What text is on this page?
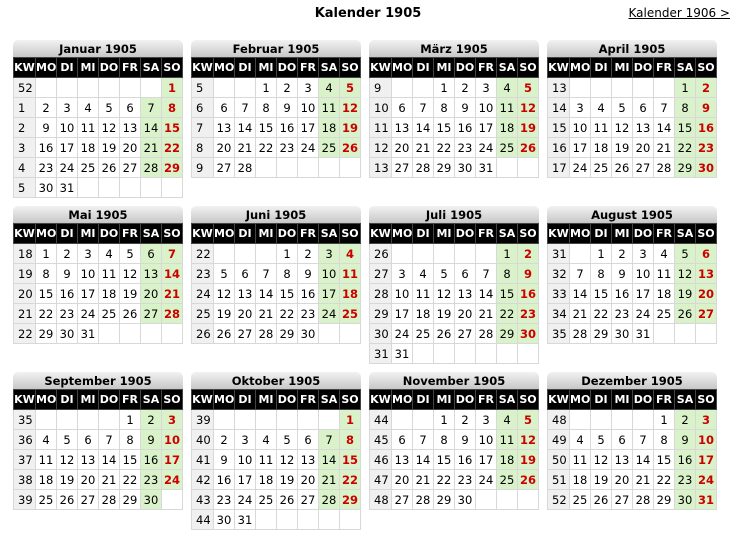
Kalender 1905	Kalender 1906 >
Januar 1905
KW	MO	DI	MI	DO	FR	SA	SO
52							1
1	2	3	4	5	6	7	8
2	9	10	11	12	13	14	15
3	16	17	18	19	20	21	22
4	23	24	25	26	27	28	29
5	30	31					
Februar 1905
KW	MO	DI	MI	DO	FR	SA	SO
5			1	2	3	4	5
6	6	7	8	9	10	11	12
7	13	14	15	16	17	18	19
8	20	21	22	23	24	25	26
9	27	28					
März 1905
KW	MO	DI	MI	DO	FR	SA	SO
9			1	2	3	4	5
10	6	7	8	9	10	11	12
11	13	14	15	16	17	18	19
12	20	21	22	23	24	25	26
13	27	28	29	30	31		
April 1905
KW	MO	DI	MI	DO	FR	SA	SO
13						1	2
14	3	4	5	6	7	8	9
15	10	11	12	13	14	15	16
16	17	18	19	20	21	22	23
17	24	25	26	27	28	29	30
Mai 1905
KW	MO	DI	MI	DO	FR	SA	SO
18	1	2	3	4	5	6	7
19	8	9	10	11	12	13	14
20	15	16	17	18	19	20	21
21	22	23	24	25	26	27	28
22	29	30	31				
Juni 1905
KW	MO	DI	MI	DO	FR	SA	SO
22				1	2	3	4
23	5	6	7	8	9	10	11
24	12	13	14	15	16	17	18
25	19	20	21	22	23	24	25
26	26	27	28	29	30		
Juli 1905
KW	MO	DI	MI	DO	FR	SA	SO
26						1	2
27	3	4	5	6	7	8	9
28	10	11	12	13	14	15	16
29	17	18	19	20	21	22	23
30	24	25	26	27	28	29	30
31	31						
August 1905
KW	MO	DI	MI	DO	FR	SA	SO
31		1	2	3	4	5	6
32	7	8	9	10	11	12	13
33	14	15	16	17	18	19	20
34	21	22	23	24	25	26	27
35	28	29	30	31			
September 1905
KW	MO	DI	MI	DO	FR	SA	SO
35					1	2	3
36	4	5	6	7	8	9	10
37	11	12	13	14	15	16	17
38	18	19	20	21	22	23	24
39	25	26	27	28	29	30	
Oktober 1905
KW	MO	DI	MI	DO	FR	SA	SO
39							1
40	2	3	4	5	6	7	8
41	9	10	11	12	13	14	15
42	16	17	18	19	20	21	22
43	23	24	25	26	27	28	29
44	30	31					
November 1905
KW	MO	DI	MI	DO	FR	SA	SO
44			1	2	3	4	5
45	6	7	8	9	10	11	12
46	13	14	15	16	17	18	19
47	20	21	22	23	24	25	26
48	27	28	29	30			
Dezember 1905
KW	MO	DI	MI	DO	FR	SA	SO
48					1	2	3
49	4	5	6	7	8	9	10
50	11	12	13	14	15	16	17
51	18	19	20	21	22	23	24
52	25	26	27	28	29	30	31
